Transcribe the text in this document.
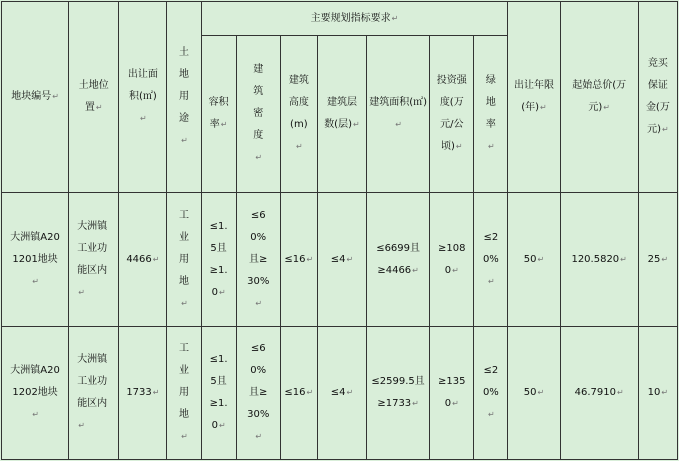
地块编号↵	土地位置↵	出让面积(㎡)↵	土地用途↵	主要规划指标要求↵							出让年限(年)↵	起始总价(万元)↵	竞买保证金(万元)↵
				容积率↵	建筑密度↵	建筑高度(m)↵	建筑层数(层)↵	建筑面积(㎡)↵	投资强度(万元/公顷)↵	绿地率↵			
大洲镇A201201地块↵	大洲镇工业功能区内↵	4466↵	工业用地↵	≤1.5且≥1.0↵	≤60%且≥30%↵	≤16↵	≤4↵	≤6699且≥4466↵	≥1080↵	≤20%↵	50↵	120.5820↵	25↵
大洲镇A201202地块↵	大洲镇工业功能区内↵	1733↵	工业用地↵	≤1.5且≥1.0↵	≤60%且≥30%↵	≤16↵	≤4↵	≤2599.5且≥1733↵	≥1350↵	≤20%↵	50↵	46.7910↵	10↵
